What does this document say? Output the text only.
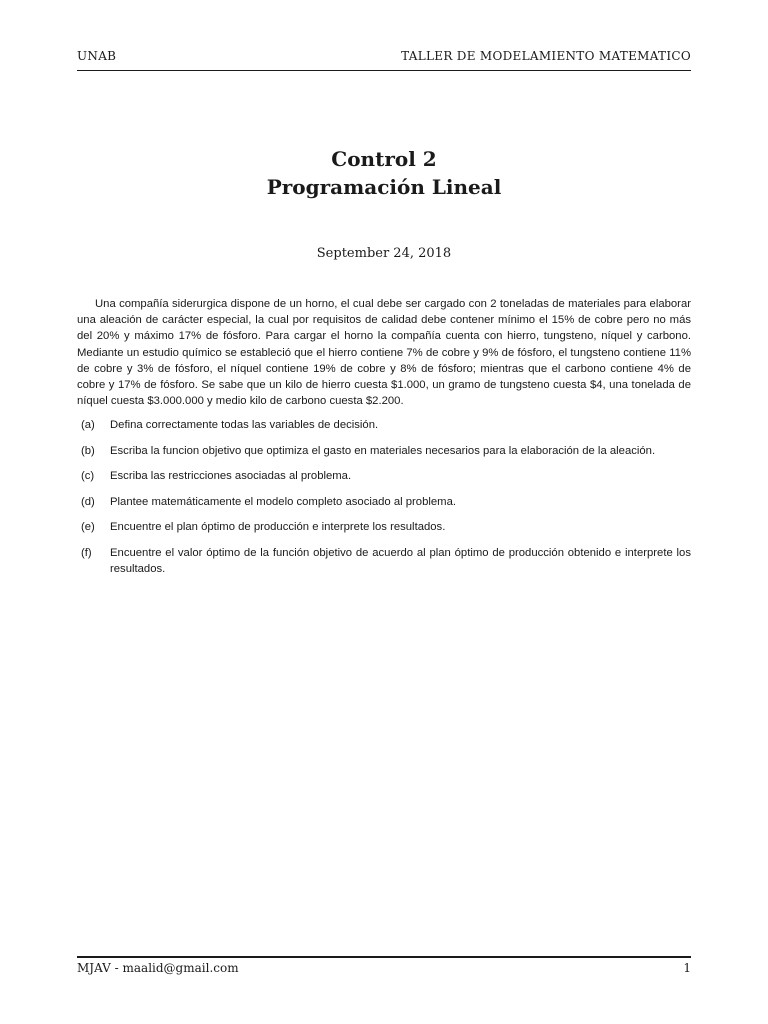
UNAB	TALLER DE MODELAMIENTO MATEMATICO
Control 2
Programación Lineal
September 24, 2018

Una compañía siderurgica dispone de un horno, el cual debe ser cargado con 2 toneladas de materiales para elaborar una aleación de carácter especial, la cual por requisitos de calidad debe contener mínimo el 15% de cobre pero no más del 20% y máximo 17% de fósforo. Para cargar el horno la compañía cuenta con hierro, tungsteno, níquel y carbono. Mediante un estudio químico se estableció que el hierro contiene 7% de cobre y 9% de fósforo, el tungsteno contiene 11% de cobre y 3% de fósforo, el níquel contiene 19% de cobre y 8% de fósforo; mientras que el carbono contiene 4% de cobre y 17% de fósforo. Se sabe que un kilo de hierro cuesta $1.000, un gramo de tungsteno cuesta $4, una tonelada de níquel cuesta $3.000.000 y medio kilo de carbono cuesta $2.200.

(a) Defina correctamente todas las variables de decisión.
(b) Escriba la funcion objetivo que optimiza el gasto en materiales necesarios para la elaboración de la aleación.
(c) Escriba las restricciones asociadas al problema.
(d) Plantee matemáticamente el modelo completo asociado al problema.
(e) Encuentre el plan óptimo de producción e interprete los resultados.
(f) Encuentre el valor óptimo de la función objetivo de acuerdo al plan óptimo de producción obtenido e interprete los resultados.
MJAV - maalid@gmail.com	1
